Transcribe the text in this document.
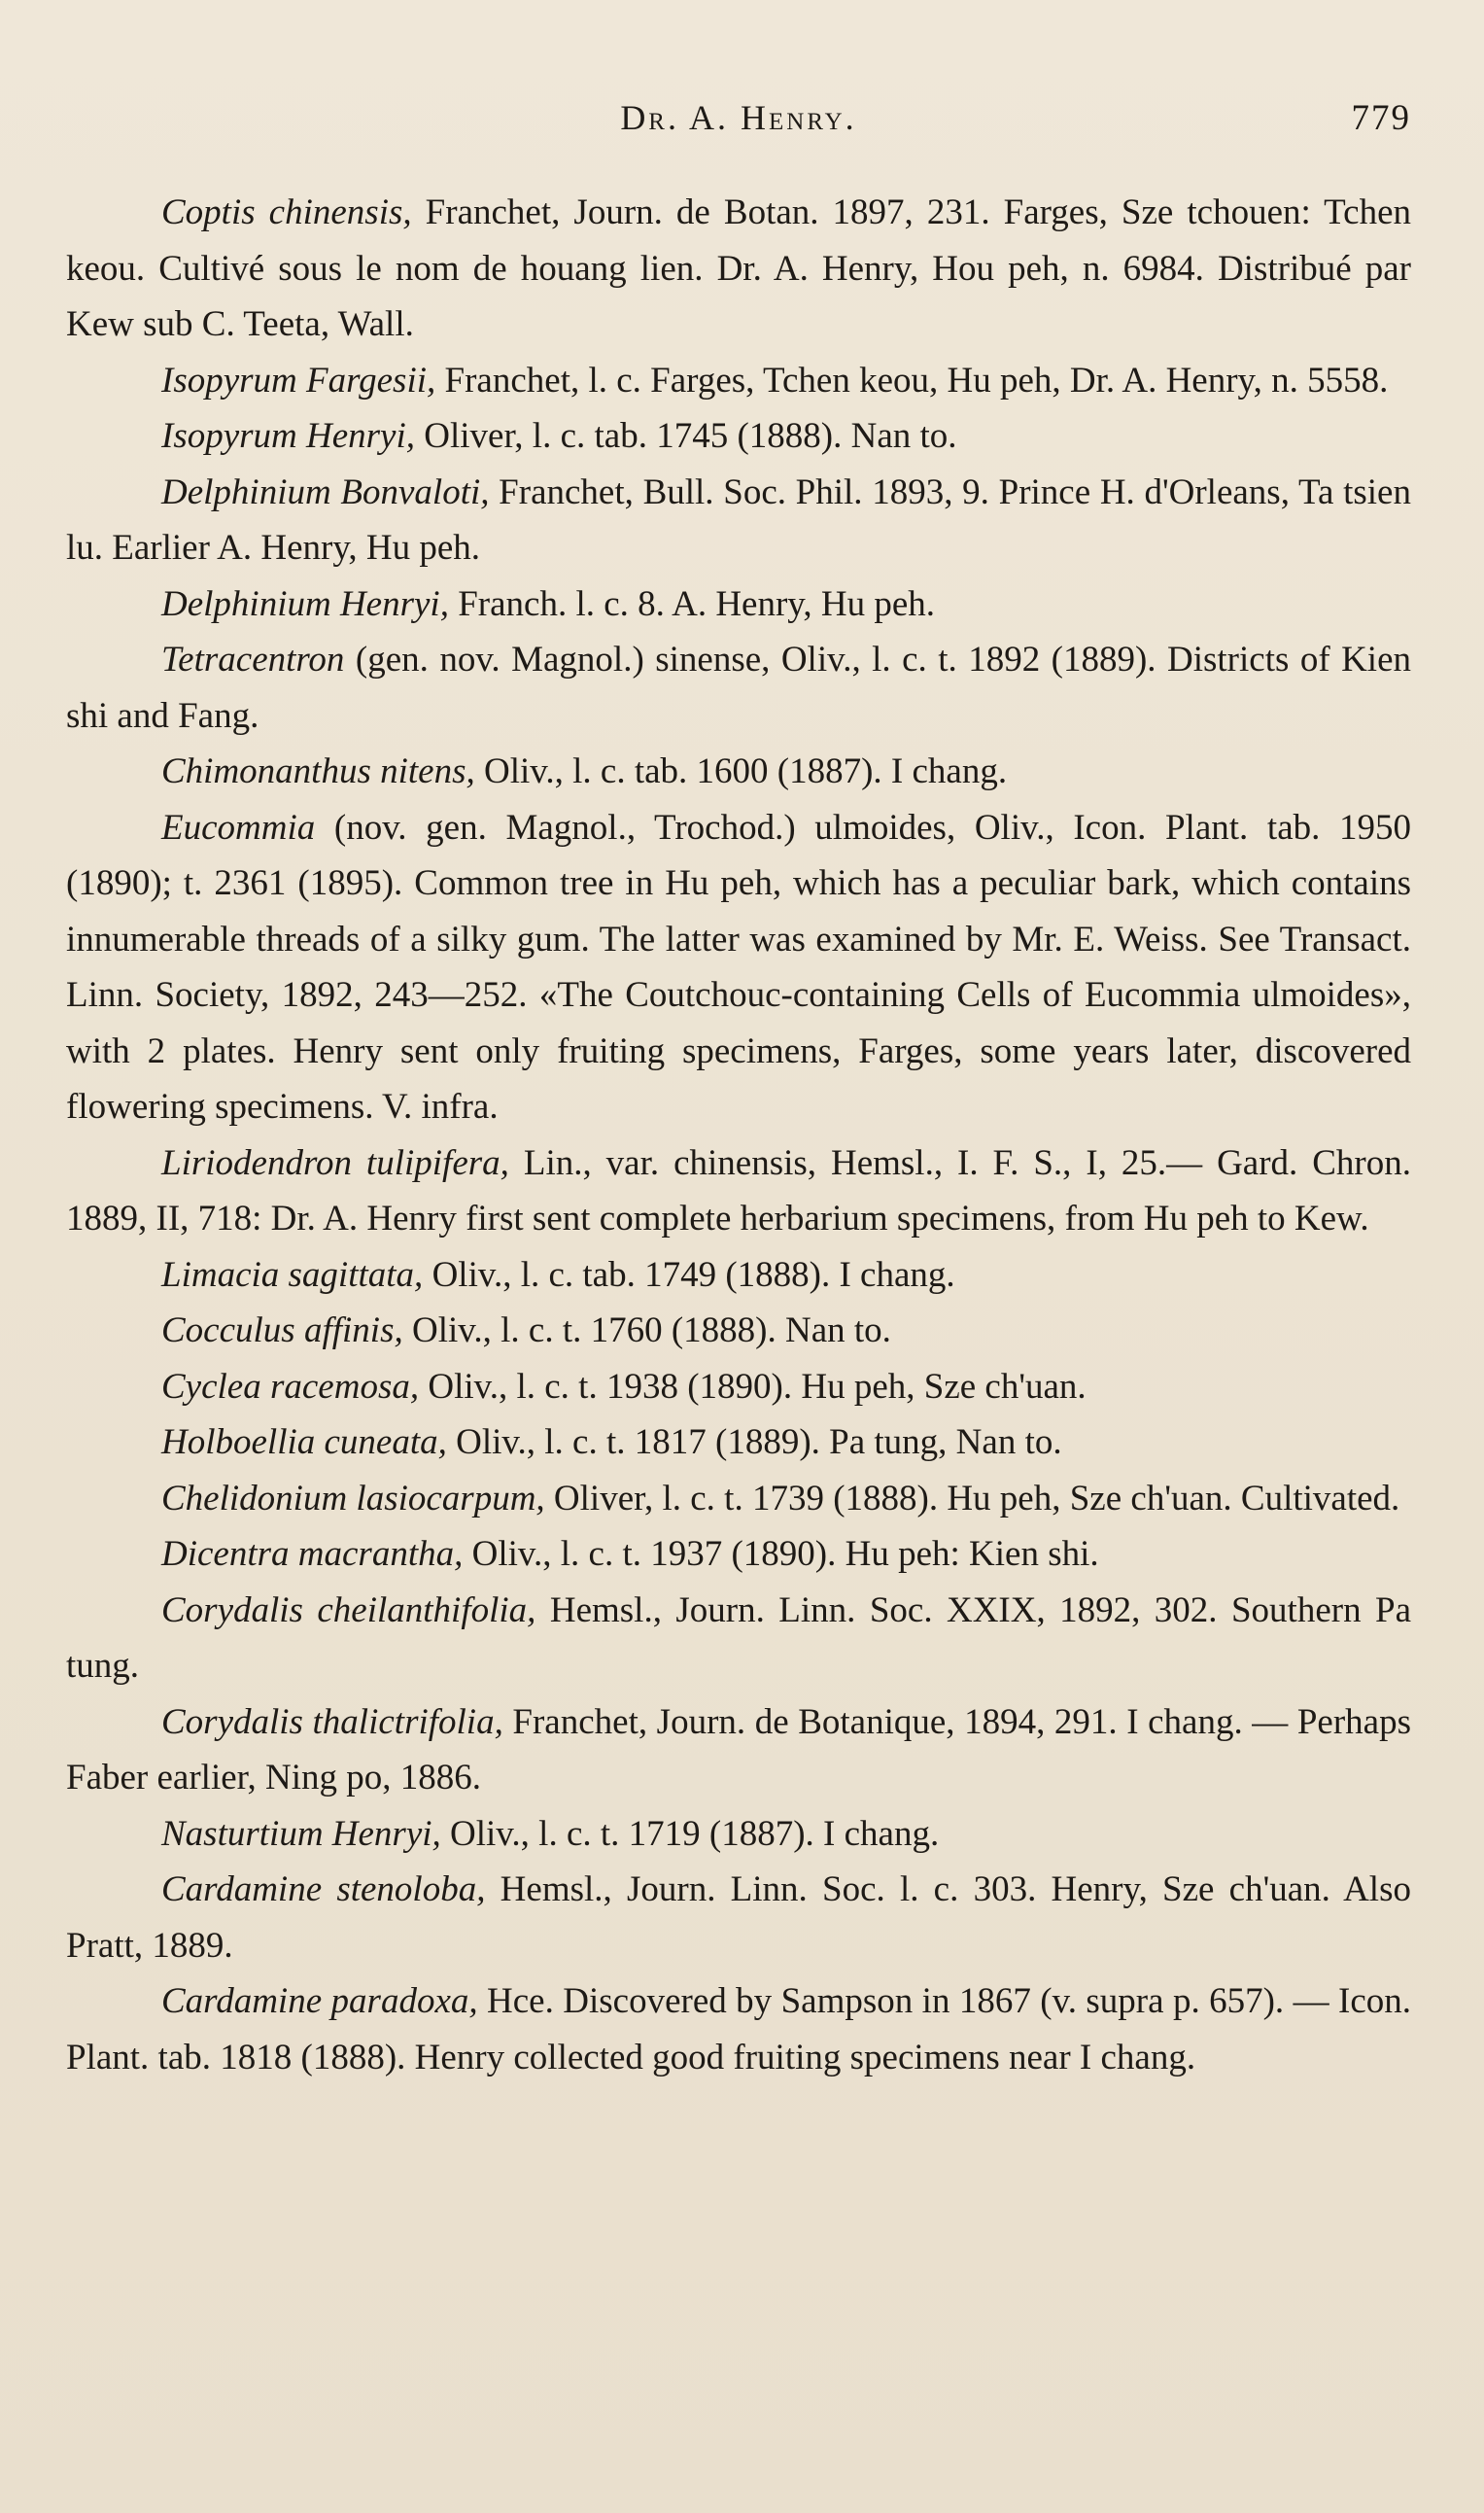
Dr. A. Henry.	779

Coptis chinensis, Franchet, Journ. de Botan. 1897, 231. Farges, Sze tchouen: Tchen keou. Cultivé sous le nom de houang lien. Dr. A. Henry, Hou peh, n. 6984. Distribué par Kew sub C. Teeta, Wall.

Isopyrum Fargesii, Franchet, l. c. Farges, Tchen keou, Hu peh, Dr. A. Henry, n. 5558.

Isopyrum Henryi, Oliver, l. c. tab. 1745 (1888). Nan to.

Delphinium Bonvaloti, Franchet, Bull. Soc. Phil. 1893, 9. Prince H. d'Orleans, Ta tsien lu. Earlier A. Henry, Hu peh.

Delphinium Henryi, Franch. l. c. 8. A. Henry, Hu peh.

Tetracentron (gen. nov. Magnol.) sinense, Oliv., l. c. t. 1892 (1889). Districts of Kien shi and Fang.

Chimonanthus nitens, Oliv., l. c. tab. 1600 (1887). I chang.

Eucommia (nov. gen. Magnol., Trochod.) ulmoides, Oliv., Icon. Plant. tab. 1950 (1890); t. 2361 (1895). Common tree in Hu peh, which has a peculiar bark, which contains innumerable threads of a silky gum. The latter was examined by Mr. E. Weiss. See Transact. Linn. Society, 1892, 243—252. «The Coutchouc-containing Cells of Eucommia ulmoides», with 2 plates. Henry sent only fruiting specimens, Farges, some years later, discovered flowering specimens. V. infra.

Liriodendron tulipifera, Lin., var. chinensis, Hemsl., I. F. S., I, 25.— Gard. Chron. 1889, II, 718: Dr. A. Henry first sent complete herbarium specimens, from Hu peh to Kew.

Limacia sagittata, Oliv., l. c. tab. 1749 (1888). I chang.

Cocculus affinis, Oliv., l. c. t. 1760 (1888). Nan to.

Cyclea racemosa, Oliv., l. c. t. 1938 (1890). Hu peh, Sze ch'uan.

Holboellia cuneata, Oliv., l. c. t. 1817 (1889). Pa tung, Nan to.

Chelidonium lasiocarpum, Oliver, l. c. t. 1739 (1888). Hu peh, Sze ch'uan. Cultivated.

Dicentra macrantha, Oliv., l. c. t. 1937 (1890). Hu peh: Kien shi.

Corydalis cheilanthifolia, Hemsl., Journ. Linn. Soc. XXIX, 1892, 302. Southern Pa tung.

Corydalis thalictrifolia, Franchet, Journ. de Botanique, 1894, 291. I chang. — Perhaps Faber earlier, Ning po, 1886.

Nasturtium Henryi, Oliv., l. c. t. 1719 (1887). I chang.

Cardamine stenoloba, Hemsl., Journ. Linn. Soc. l. c. 303. Henry, Sze ch'uan. Also Pratt, 1889.

Cardamine paradoxa, Hce. Discovered by Sampson in 1867 (v. supra p. 657). — Icon. Plant. tab. 1818 (1888). Henry collected good fruiting specimens near I chang.
